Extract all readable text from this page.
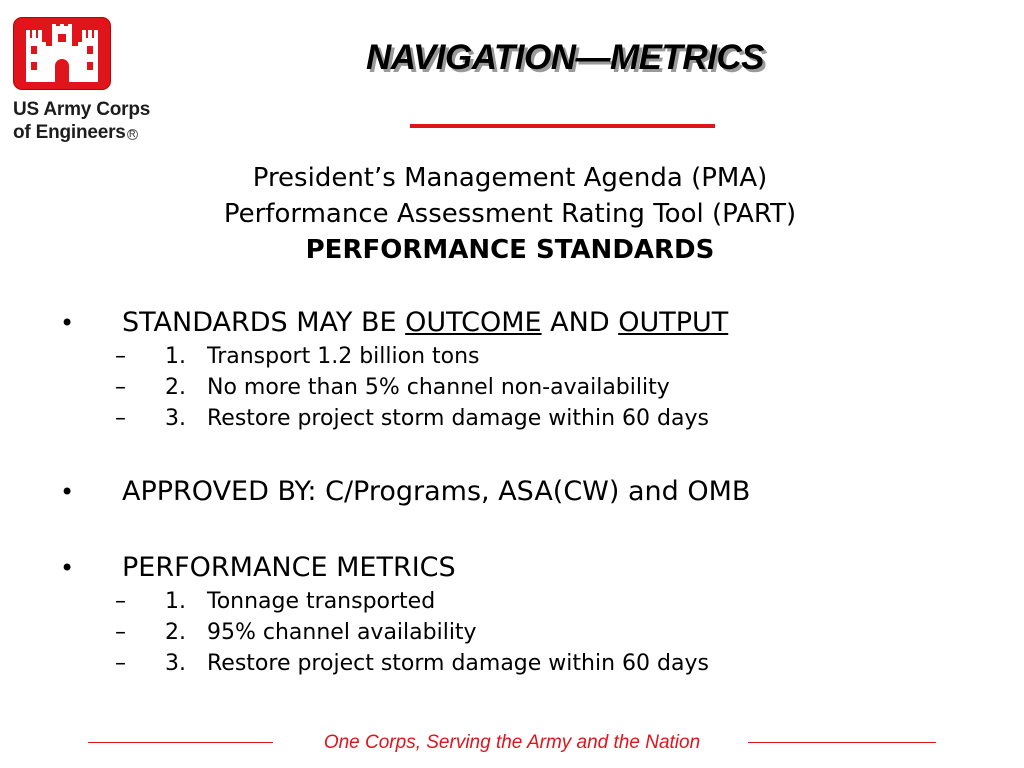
US Army Corps
of Engineers R
NAVIGATION—METRICS
President’s Management Agenda (PMA)
Performance Assessment Rating Tool (PART)
PERFORMANCE STANDARDS
• STANDARDS MAY BE OUTCOME AND OUTPUT
– 1. Transport 1.2 billion tons
– 2. No more than 5% channel non-availability
– 3. Restore project storm damage within 60 days
• APPROVED BY: C/Programs, ASA(CW) and OMB
• PERFORMANCE METRICS
– 1. Tonnage transported
– 2. 95% channel availability
– 3. Restore project storm damage within 60 days
One Corps, Serving the Army and the Nation
